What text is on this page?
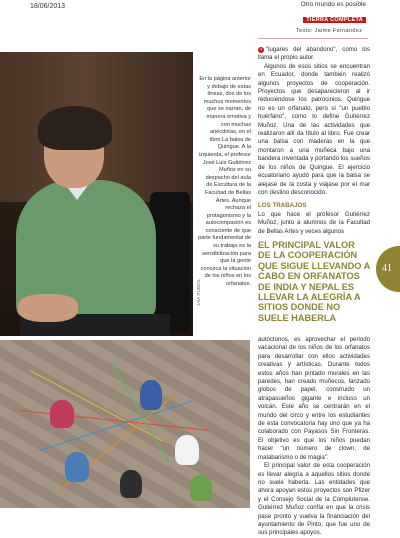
18/06/2013	Otro mundo es posible
TIERRA COMPLETA
JAVI RUBIOL
En la página anterior y debajo de estas líneas, dos de los muchos momentos que se narran, de manera emotiva y con muchas anécdotas, en el libro La balsa de Quingue. A la izquierda, el profesor José Luis Gutiérrez Muñoz en su despacho del aula de Escultura de la Facultad de Bellas Artes. Aunque rechaza el protagonismo y la autocompasión es consciente de que parte fundamental de su trabajo es la sensibilización para que la gente conozca la situación de los niños en los orfanatos.
Texto: Jaime Fernández

• "lugares del abandono", como los llama el propio autor.

Algunos de esos sitios se encuentran en Ecuador, donde también realizó algunos proyectos de cooperación. Proyectos que desaparecieron al ir reduciéndose los patrocinios. Quingue no es un orfanato, pero sí "un pueblo huérfano", como lo define Gutiérrez Muñoz. Una de las actividades que realizaron allí da título al libro. Fue crear una balsa con maderas en la que montaron a una muñeca bajo una bandera inventada y portando los sueños de los niños de Quingue. El ejercicio ecuatoriano ayudó para que la balsa se alejase de la costa y viajase por el mar con destino desconocido.

LOS TRABAJOS

Lo que hace el profesor Gutiérrez Muñoz, junto a alumnos de la Facultad de Bellas Artes y veces algunos

EL PRINCIPAL VALOR DE LA COOPERACIÓN QUE SIGUE LLEVANDO A CABO EN ORFANATOS DE INDIA Y NEPAL ES LLEVAR LA ALEGRÍA A SITIOS DONDE NO SUELE HABERLA
41

autóctonos, es aprovechar el periodo vacacional de los niños de los orfanatos para desarrollar con ellos actividades creativas y artísticas. Durante todos estos años han pintado murales en las paredes, han creado muñecos, lanzado globos de papel, construido un atrapasueños gigante e incluso un volcán. Este año se centrarán en el mundo del circo y entre los estudiantes de esta convocatoria hay uno que ya ha colaborado con Payasos Sin Fronteras. El objetivo es que los niños puedan hacer "un número de clown, de malabarismo o de magia".

El principal valor de esta cooperación es llevar alegría a aquellos sitios donde no suele haberla. Las entidades que ahora apoyan estos proyectos son Pfizer y el Consejo Social de la Complutense. Gutiérrez Muñoz confía en que la crisis pase pronto y vuelva la financiación del ayuntamiento de Pinto, que fue uno de sus principales apoyos.
